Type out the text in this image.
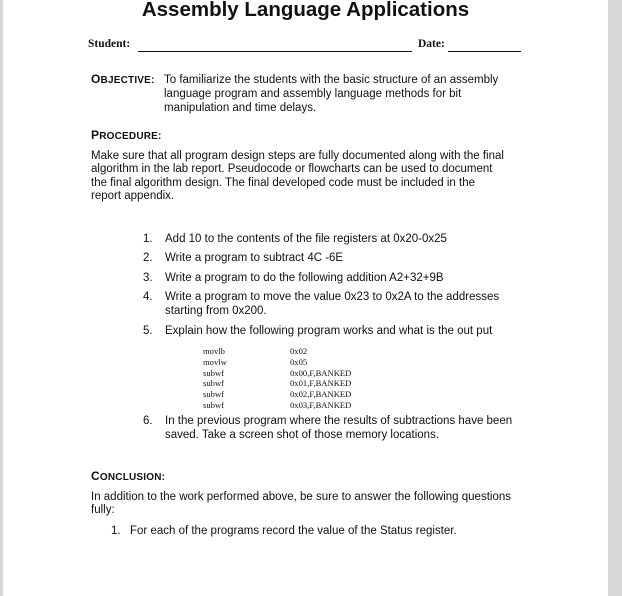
Assembly Language Applications
Student:	Date:
OBJECTIVE: To familiarize the students with the basic structure of an assembly
language program and assembly language methods for bit
manipulation and time delays.
PROCEDURE:
Make sure that all program design steps are fully documented along with the final
algorithm in the lab report. Pseudocode or flowcharts can be used to document
the final algorithm design. The final developed code must be included in the
report appendix.
1.	Add 10 to the contents of the file registers at 0x20-0x25
2.	Write a program to subtract 4C -6E
3.	Write a program to do the following addition A2+32+9B
4.	Write a program to move the value 0x23 to 0x2A to the addresses
starting from 0x200.
5.	Explain how the following program works and what is the out put
6.	In the previous program where the results of subtractions have been
saved. Take a screen shot of those memory locations.
movlb	0x02
movlw	0x05
subwf	0x00,F,BANKED
subwf	0x01,F,BANKED
subwf	0x02,F,BANKED
subwf	0x03,F,BANKED
CONCLUSION:
In addition to the work performed above, be sure to answer the following questions
fully:
1. For each of the programs record the value of the Status register.
